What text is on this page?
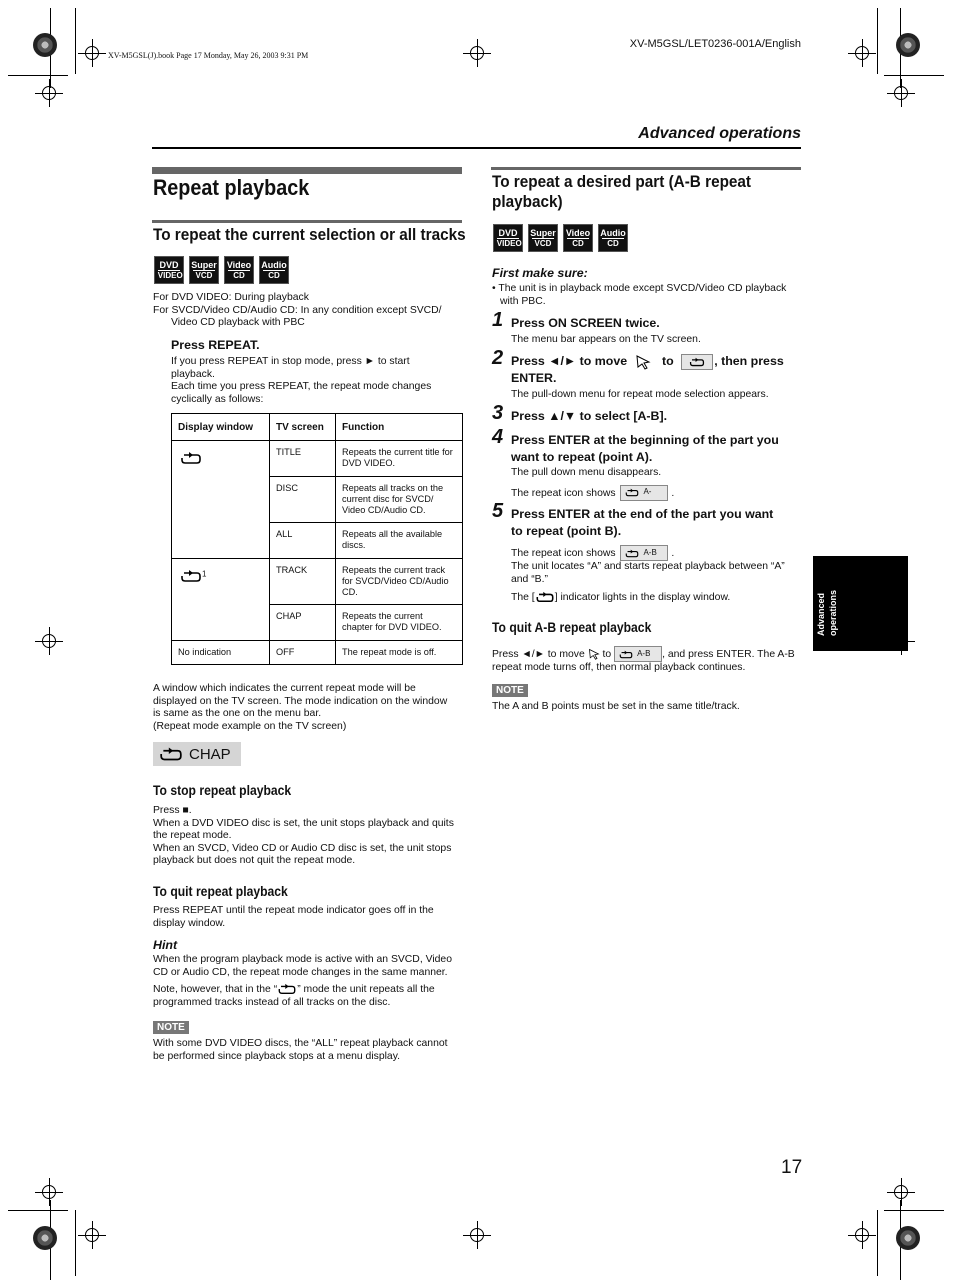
XV-M5GSL(J).book Page 17 Monday, May 26, 2003 9:31 PM
XV-M5GSL/LET0236-001A/English
Advanced operations
Advanced operations
Repeat playback
To repeat the current selection or all tracks
DVD
VIDEO
Super
VCD
Video
CD
Audio
CD
For DVD VIDEO: During playback
For SVCD/Video CD/Audio CD: In any condition except SVCD/
Video CD playback with PBC
Press REPEAT.
If you press REPEAT in stop mode, press ► to start
playback.
Each time you press REPEAT, the repeat mode changes
cyclically as follows:
Display window	TV screen	Function
	TITLE	Repeats the current title for
DVD VIDEO.

	DISC	Repeats all tracks on the
current disc for SVCD/
Video CD/Audio CD.

	ALL	Repeats all the available
discs.

1	TRACK	Repeats the current track
for SVCD/Video CD/Audio
CD.

	CHAP	Repeats the current
chapter for DVD VIDEO.

No indication	OFF	The repeat mode is off.
A window which indicates the current repeat mode will be
displayed on the TV screen. The mode indication on the window
is same as the one on the menu bar.
(Repeat mode example on the TV screen)
CHAP
To stop repeat playback
Press ■.
When a DVD VIDEO disc is set, the unit stops playback and quits
the repeat mode.
When an SVCD, Video CD or Audio CD disc is set, the unit stops
playback but does not quit the repeat mode.
To quit repeat playback
Press REPEAT until the repeat mode indicator goes off in the
display window.
Hint
When the program playback mode is active with an SVCD, Video
CD or Audio CD, the repeat mode changes in the same manner.
Note, however, that in the “ ” mode the unit repeats all the
programmed tracks instead of all tracks on the disc.
NOTE
With some DVD VIDEO discs, the “ALL” repeat playback cannot
be performed since playback stops at a menu display.
To repeat a desired part (A-B repeat
playback)
DVD
VIDEO
Super
VCD
Video
CD
Audio
CD
First make sure:
• The unit is in playback mode except SVCD/Video CD playback
with PBC.
1 Press ON SCREEN twice.
The menu bar appears on the TV screen.
2 Press ◄/► to move	to	, then press
ENTER.
The pull-down menu for repeat mode selection appears.
3 Press ▲/▼ to select [A-B].
4 Press ENTER at the beginning of the part you
want to repeat (point A).
The pull down menu disappears.
The repeat icon shows	A- .
5 Press ENTER at the end of the part you want
to repeat (point B).
The repeat icon shows	A-B .
The unit locates “A” and starts repeat playback between “A”
and “B.”
The [ ] indicator lights in the display window.
To quit A-B repeat playback
Press ◄/► to move to	A-B , and press ENTER. The A-B
repeat mode turns off, then normal playback continues.
NOTE
The A and B points must be set in the same title/track.
17
